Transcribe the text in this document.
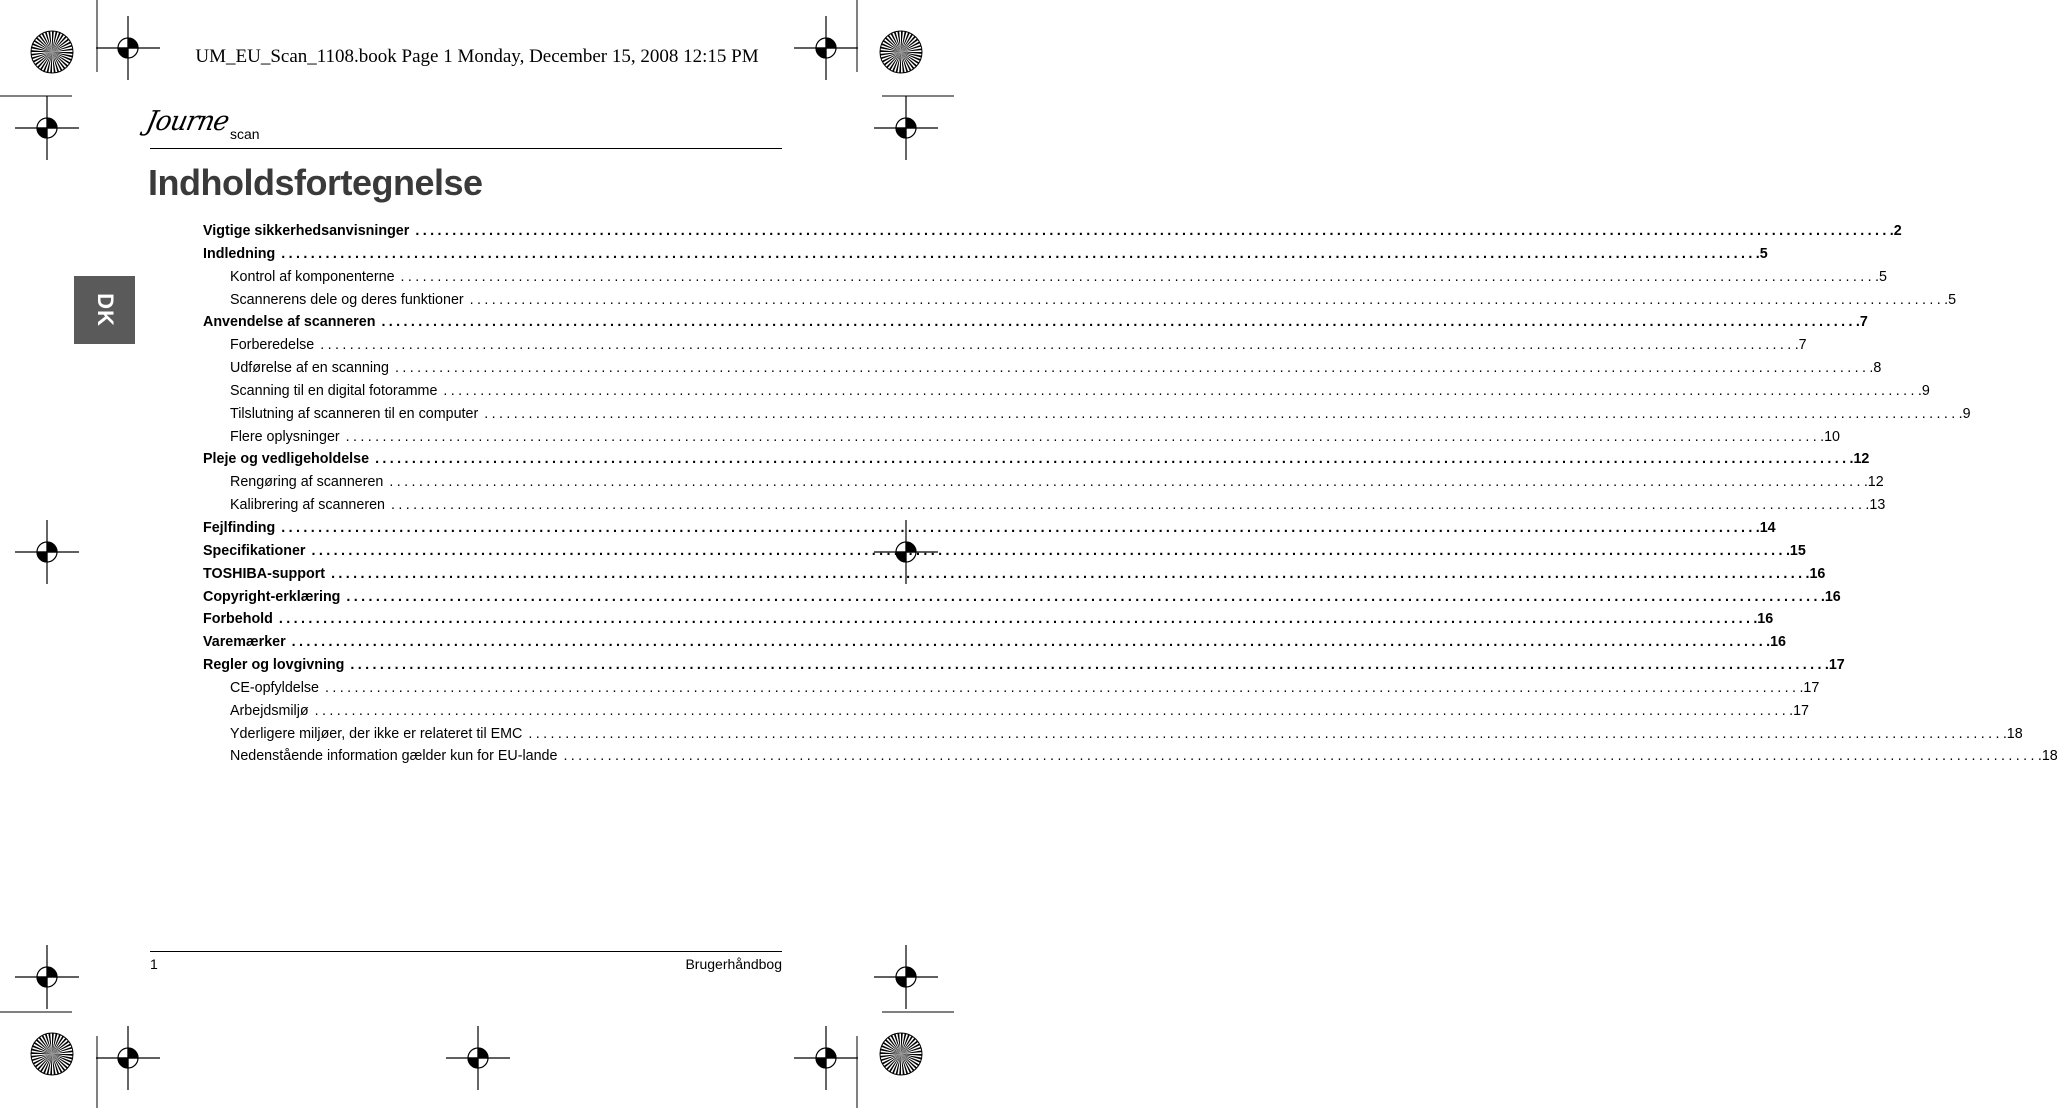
UM_EU_Scan_1108.book Page 1 Monday, December 15, 2008 12:15 PM
Journe
scan
Indholdsfortegnelse
DK
Vigtige sikkerhedsanvisninger ........................................................................................................................................................................................................ .2
Indledning ........................................................................................................................................................................................................ .5
Kontrol af komponenterne ........................................................................................................................................................................................................ .5
Scannerens dele og deres funktioner ........................................................................................................................................................................................................ .5
Anvendelse af scanneren ........................................................................................................................................................................................................ .7
Forberedelse ........................................................................................................................................................................................................ .7
Udførelse af en scanning ........................................................................................................................................................................................................ .8
Scanning til en digital fotoramme ........................................................................................................................................................................................................ .9
Tilslutning af scanneren til en computer ........................................................................................................................................................................................................ .9
Flere oplysninger ........................................................................................................................................................................................................ .10
Pleje og vedligeholdelse ........................................................................................................................................................................................................ .12
Rengøring af scanneren ........................................................................................................................................................................................................ .12
Kalibrering af scanneren ........................................................................................................................................................................................................ .13
Fejlfinding ........................................................................................................................................................................................................ .14
Specifikationer ........................................................................................................................................................................................................ .15
TOSHIBA-support ........................................................................................................................................................................................................ .16
Copyright-erklæring ........................................................................................................................................................................................................ .16
Forbehold ........................................................................................................................................................................................................ .16
Varemærker ........................................................................................................................................................................................................ .16
Regler og lovgivning ........................................................................................................................................................................................................ .17
CE-opfyldelse ........................................................................................................................................................................................................ .17
Arbejdsmiljø ........................................................................................................................................................................................................ .17
Yderligere miljøer, der ikke er relateret til EMC ........................................................................................................................................................................................................ .18
Nedenstående information gælder kun for EU-lande ........................................................................................................................................................................................................ .18
1	Brugerhåndbog
